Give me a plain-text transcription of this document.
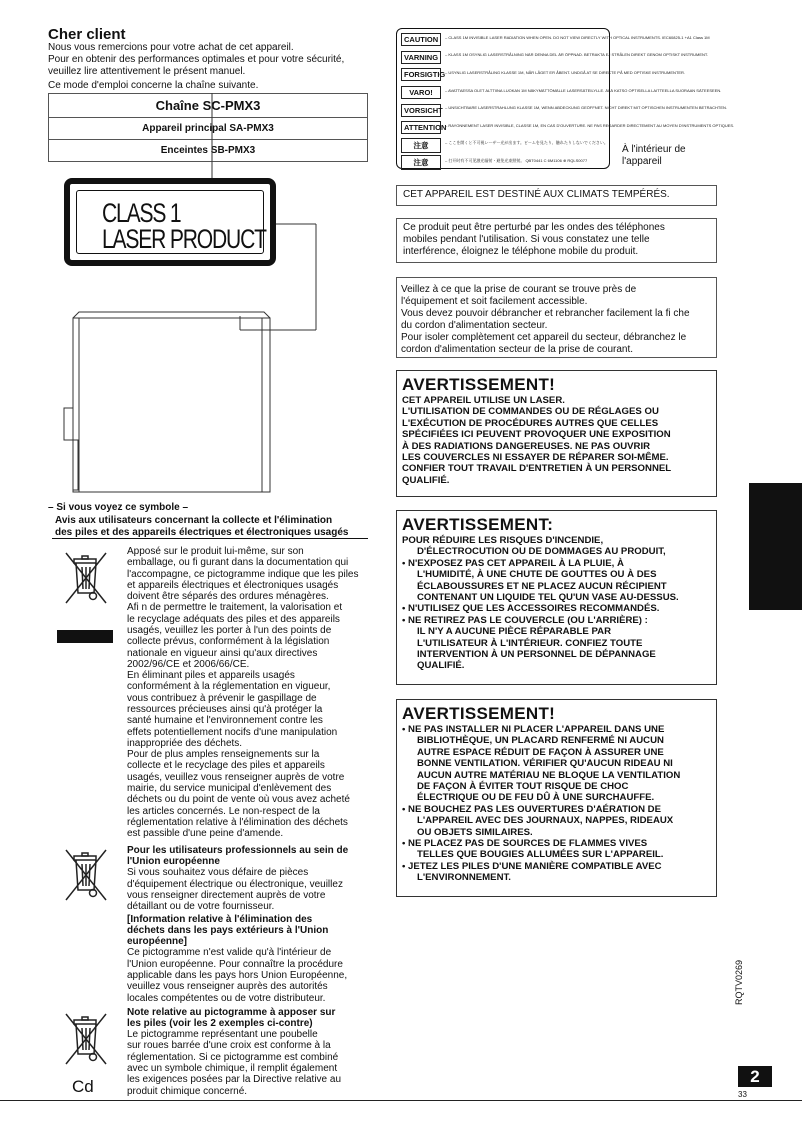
Cher client
Nous vous remercions pour votre achat de cet appareil.
Pour en obtenir des performances optimales et pour votre sécurité,
veuillez lire attentivement le présent manuel.
Ce mode d'emploi concerne la chaîne suivante.
Chaîne SC-PMX3
Appareil principal SA-PMX3
Enceintes SB-PMX3
CLASS 1
LASER PRODUCT
– Si vous voyez ce symbole –
Avis aux utilisateurs concernant la collecte et l'élimination
des piles et des appareils électriques et électroniques usagés
Cd
Apposé sur le produit lui-même, sur son
emballage, ou fi gurant dans la documentation qui
l'accompagne, ce pictogramme indique que les piles
et appareils électriques et électroniques usagés
doivent être séparés des ordures ménagères.
Afi n de permettre le traitement, la valorisation et
le recyclage adéquats des piles et des appareils
usagés, veuillez les porter à l'un des points de
collecte prévus, conformément à la législation
nationale en vigueur ainsi qu'aux directives
2002/96/CE et 2006/66/CE.
En éliminant piles et appareils usagés
conformément à la réglementation en vigueur,
vous contribuez à prévenir le gaspillage de
ressources précieuses ainsi qu'à protéger la
santé humaine et l'environnement contre les
effets potentiellement nocifs d'une manipulation
inappropriée des déchets.
Pour de plus amples renseignements sur la
collecte et le recyclage des piles et appareils
usagés, veuillez vous renseigner auprès de votre
mairie, du service municipal d'enlèvement des
déchets ou du point de vente où vous avez acheté
les articles concernés. Le non-respect de la
réglementation relative à l'élimination des déchets
est passible d'une peine d'amende.
Pour les utilisateurs professionnels au sein de
l'Union européenne
Si vous souhaitez vous défaire de pièces
d'équipement électrique ou électronique, veuillez
vous renseigner directement auprès de votre
détaillant ou de votre fournisseur.
[Information relative à l'élimination des
déchets dans les pays extérieurs à l'Union
européenne]
Ce pictogramme n'est valide qu'à l'intérieur de
l'Union européenne. Pour connaître la procédure
applicable dans les pays hors Union Européenne,
veuillez vous renseigner auprès des autorités
locales compétentes ou de votre distributeur.
Note relative au pictogramme à apposer sur
les piles (voir les 2 exemples ci-contre)
Le pictogramme représentant une poubelle
sur roues barrée d'une croix est conforme à la
réglementation. Si ce pictogramme est combiné
avec un symbole chimique, il remplit également
les exigences posées par la Directive relative au
produit chimique concerné.
CAUTION	– CLASS 1M INVISIBLE LASER RADIATION WHEN OPEN. DO NOT VIEW DIRECTLY WITH OPTICAL INSTRUMENTS. IEC60825-1 +A1 Class 1M
VARNING	– KLASS 1M OSYNLIG LASERSTRÅLNING NÄR DENNA DEL ÄR ÖPPNAD. BETRAKTA EJ STRÅLEN DIREKT GENOM OPTISKT INSTRUMENT.
FORSIGTIG – USYNLIG LASERSTRÅLING KLASSE 1M, NÅR LÅGET ER ÅBENT. UNDGÅ AT SE DIREKTE PÅ MED OPTISKE INSTRUMENTER.
VARO!	– AVATTAESSA OLET ALTTIINA LUOKAN 1M NÄKYMÄTTÖMÄLLE LASERSÄTEILYLLE. ÄLÄ KATSO OPTISELLA LAITTEELLA SUORAAN SÄTEESEEN.
VORSICHT – UNSICHTBARE LASERSTRAHLUNG KLASSE 1M, WENN ABDECKUNG GEÖFFNET. NICHT DIREKT MIT OPTISCHEN INSTRUMENTEN BETRACHTEN.
ATTENTION
– RAYONNEMENT LASER INVISIBLE, CLASSE 1M, EN CAS D'OUVERTURE. NE PAS REGARDER DIRECTEMENT AU MOYEN D'INSTRUMENTS OPTIQUES.
注意	– ここを開くと不可視レーザー光が出ます。ビームを見たり、触れたりしないでください。
注意	– 打开时有不可见激光辐射・避免光束照射。 QBT0441 C 6M1106 ⊕ RQLS0077
À l'intérieur de
l'appareil
CET APPAREIL EST DESTINÉ AUX CLIMATS TEMPÉRÉS.
Ce produit peut être perturbé par les ondes des téléphones
mobiles pendant l'utilisation. Si vous constatez une telle
interférence, éloignez le téléphone mobile du produit.
Veillez à ce que la prise de courant se trouve près de
l'équipement et soit facilement accessible.
Vous devez pouvoir débrancher et rebrancher facilement la fi che
du cordon d'alimentation secteur.
Pour isoler complètement cet appareil du secteur, débranchez le
cordon d'alimentation secteur de la prise de courant.
AVERTISSEMENT!
CET APPAREIL UTILISE UN LASER.
L'UTILISATION DE COMMANDES OU DE RÉGLAGES OU
L'EXÉCUTION DE PROCÉDURES AUTRES QUE CELLES
SPÉCIFIÉES ICI PEUVENT PROVOQUER UNE EXPOSITION
À DES RADIATIONS DANGEREUSES. NE PAS OUVRIR
LES COUVERCLES NI ESSAYER DE RÉPARER SOI-MÊME.
CONFIER TOUT TRAVAIL D'ENTRETIEN À UN PERSONNEL
QUALIFIÉ.
AVERTISSEMENT:
POUR RÉDUIRE LES RISQUES D'INCENDIE,
D'ÉLECTROCUTION OU DE DOMMAGES AU PRODUIT,
• N'EXPOSEZ PAS CET APPAREIL À LA PLUIE, À
L'HUMIDITÉ, À UNE CHUTE DE GOUTTES OU À DES
ÉCLABOUSSURES ET NE PLACEZ AUCUN RÉCIPIENT
CONTENANT UN LIQUIDE TEL QU'UN VASE AU-DESSUS.
• N'UTILISEZ QUE LES ACCESSOIRES RECOMMANDÉS.
• NE RETIREZ PAS LE COUVERCLE (OU L'ARRIÈRE) :
IL N'Y A AUCUNE PIÈCE RÉPARABLE PAR
L'UTILISATEUR À L'INTÉRIEUR. CONFIEZ TOUTE
INTERVENTION À UN PERSONNEL DE DÉPANNAGE
QUALIFIÉ.
AVERTISSEMENT!
• NE PAS INSTALLER NI PLACER L'APPAREIL DANS UNE
BIBLIOTHÈQUE, UN PLACARD RENFERMÉ NI AUCUN
AUTRE ESPACE RÉDUIT DE FAÇON À ASSURER UNE
BONNE VENTILATION. VÉRIFIER QU'AUCUN RIDEAU NI
AUCUN AUTRE MATÉRIAU NE BLOQUE LA VENTILATION
DE FAÇON À ÉVITER TOUT RISQUE DE CHOC
ÉLECTRIQUE OU DE FEU DÛ À UNE SURCHAUFFE.
• NE BOUCHEZ PAS LES OUVERTURES D'AÉRATION DE
L'APPAREIL AVEC DES JOURNAUX, NAPPES, RIDEAUX
OU OBJETS SIMILAIRES.
• NE PLACEZ PAS DE SOURCES DE FLAMMES VIVES
TELLES QUE BOUGIES ALLUMÉES SUR L'APPAREIL.
• JETEZ LES PILES D'UNE MANIÈRE COMPATIBLE AVEC
L'ENVIRONNEMENT.
RQTV0269
2
33
